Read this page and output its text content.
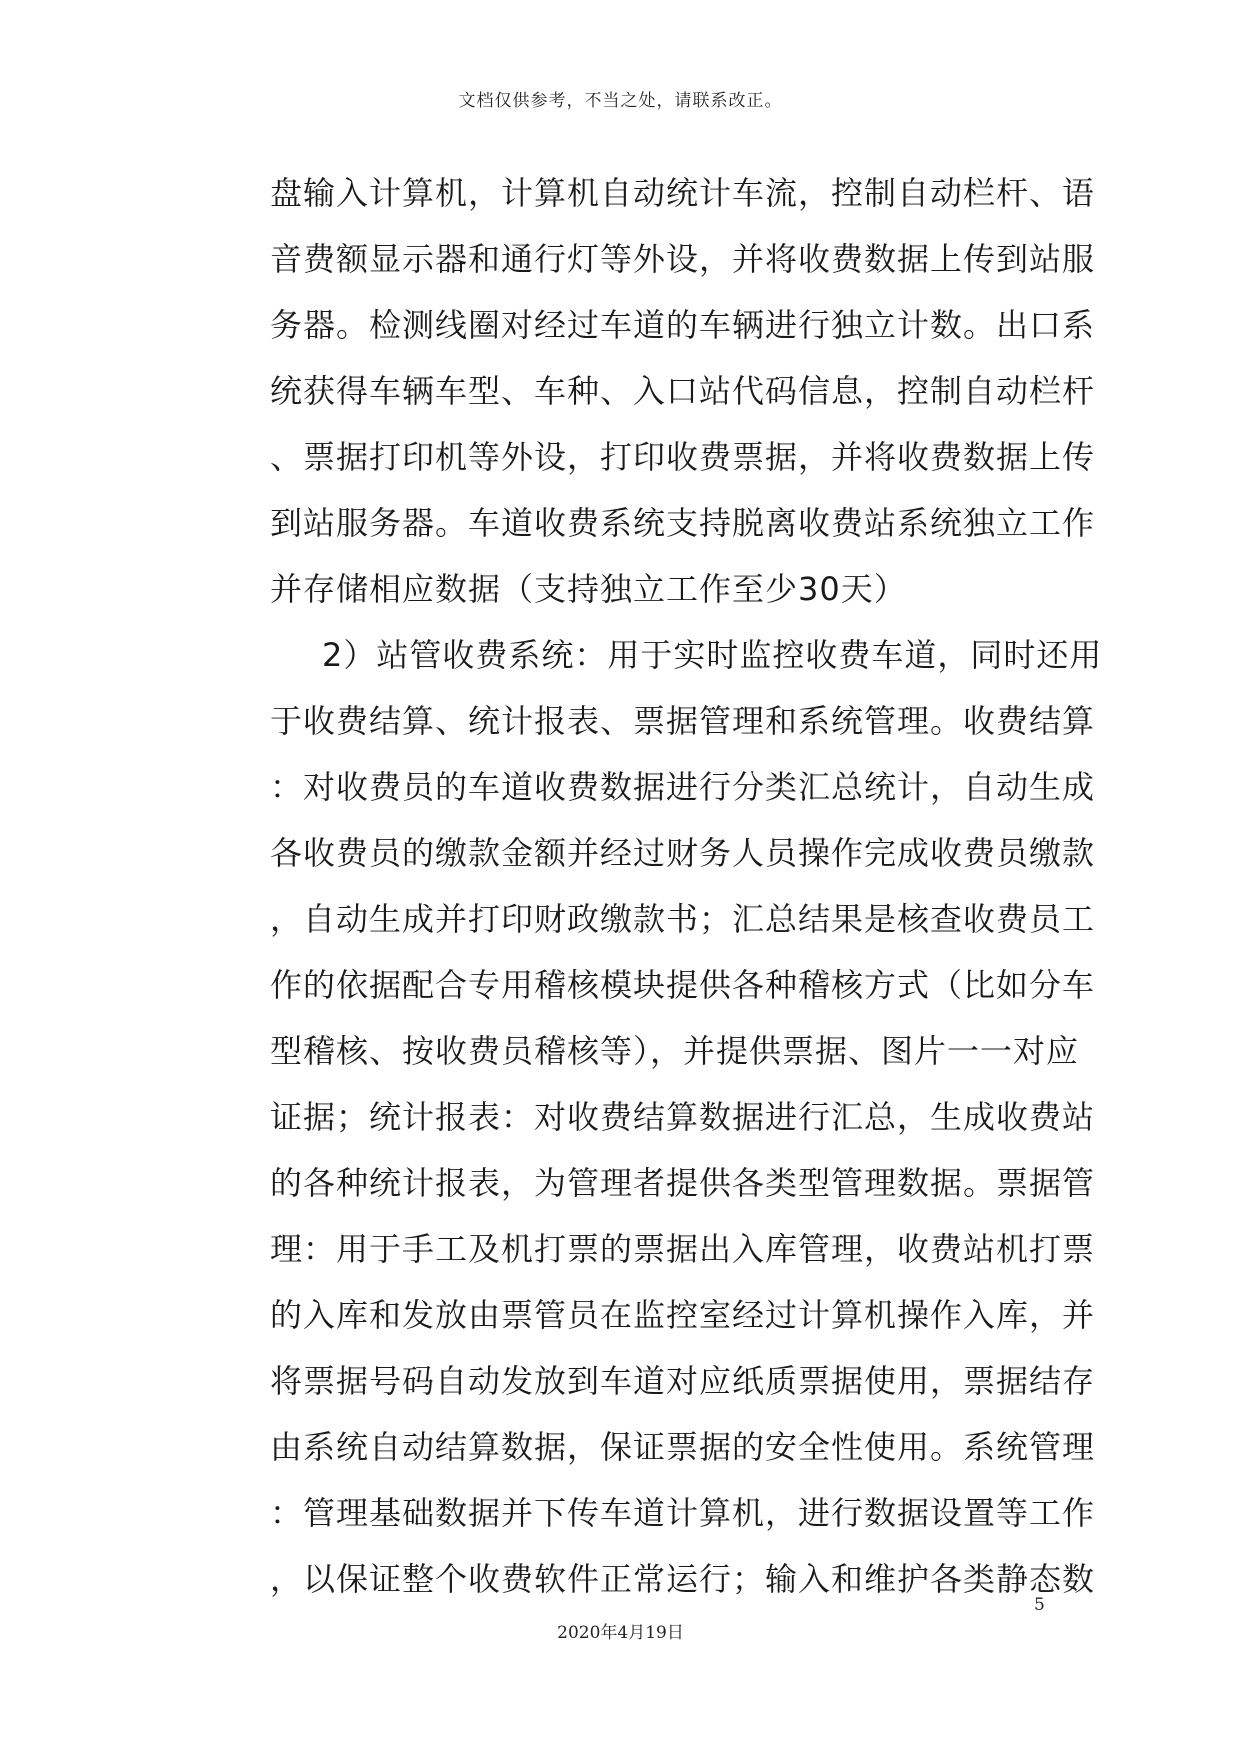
文档仅供参考，不当之处，请联系改正。
盘输入计算机，计算机自动统计车流，控制自动栏杆、语
音费额显示器和通行灯等外设，并将收费数据上传到站服
务器。检测线圈对经过车道的车辆进行独立计数。出口系
统获得车辆车型、车种、入口站代码信息，控制自动栏杆
、票据打印机等外设，打印收费票据，并将收费数据上传
到站服务器。车道收费系统支持脱离收费站系统独立工作
并存储相应数据（支持独立工作至少30天）
2）站管收费系统：用于实时监控收费车道，同时还用
于收费结算、统计报表、票据管理和系统管理。收费结算
：对收费员的车道收费数据进行分类汇总统计，自动生成
各收费员的缴款金额并经过财务人员操作完成收费员缴款
，自动生成并打印财政缴款书；汇总结果是核查收费员工
作的依据配合专用稽核模块提供各种稽核方式（比如分车
型稽核、按收费员稽核等），并提供票据、图片一一对应
证据；统计报表：对收费结算数据进行汇总，生成收费站
的各种统计报表，为管理者提供各类型管理数据。票据管
理：用于手工及机打票的票据出入库管理，收费站机打票
的入库和发放由票管员在监控室经过计算机操作入库，并
将票据号码自动发放到车道对应纸质票据使用，票据结存
由系统自动结算数据，保证票据的安全性使用。系统管理
：管理基础数据并下传车道计算机，进行数据设置等工作
，以保证整个收费软件正常运行；输入和维护各类静态数
5
2020年4月19日
